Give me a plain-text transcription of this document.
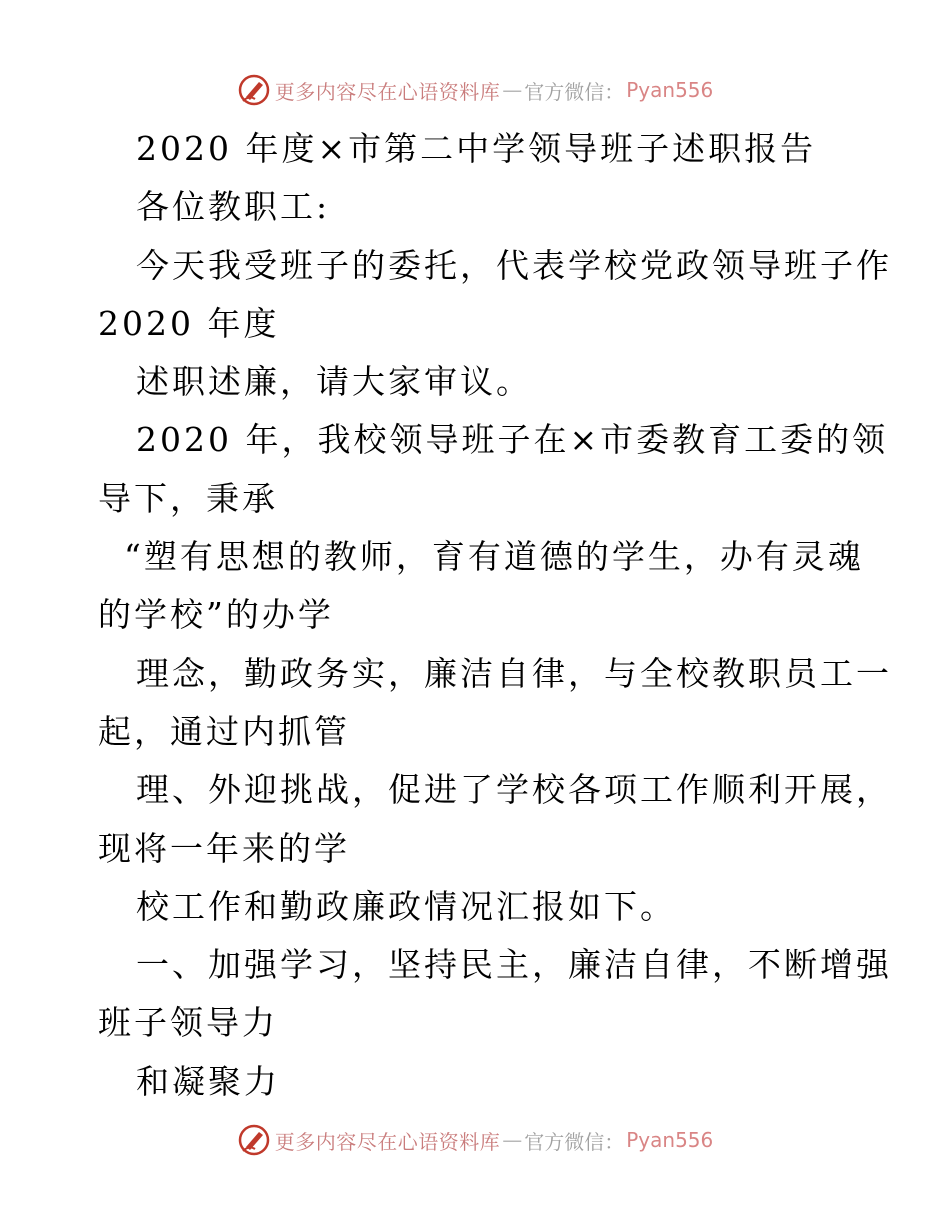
更多内容尽在心语资料库 — 官方微信： Pyan556
2020 年度×市第二中学领导班子述职报告
各位教职工:
今天我受班子的委托，代表学校党政领导班子作
2020 年度
述职述廉，请大家审议。
2020 年，我校领导班子在×市委教育工委的领
导下，秉承
“塑有思想的教师，育有道德的学生，办有灵魂
的学校”的办学
理念，勤政务实，廉洁自律，与全校教职员工一
起，通过内抓管
理、外迎挑战，促进了学校各项工作顺利开展，
现将一年来的学
校工作和勤政廉政情况汇报如下。
一、加强学习，坚持民主，廉洁自律，不断增强
班子领导力
和凝聚力
更多内容尽在心语资料库 — 官方微信： Pyan556
